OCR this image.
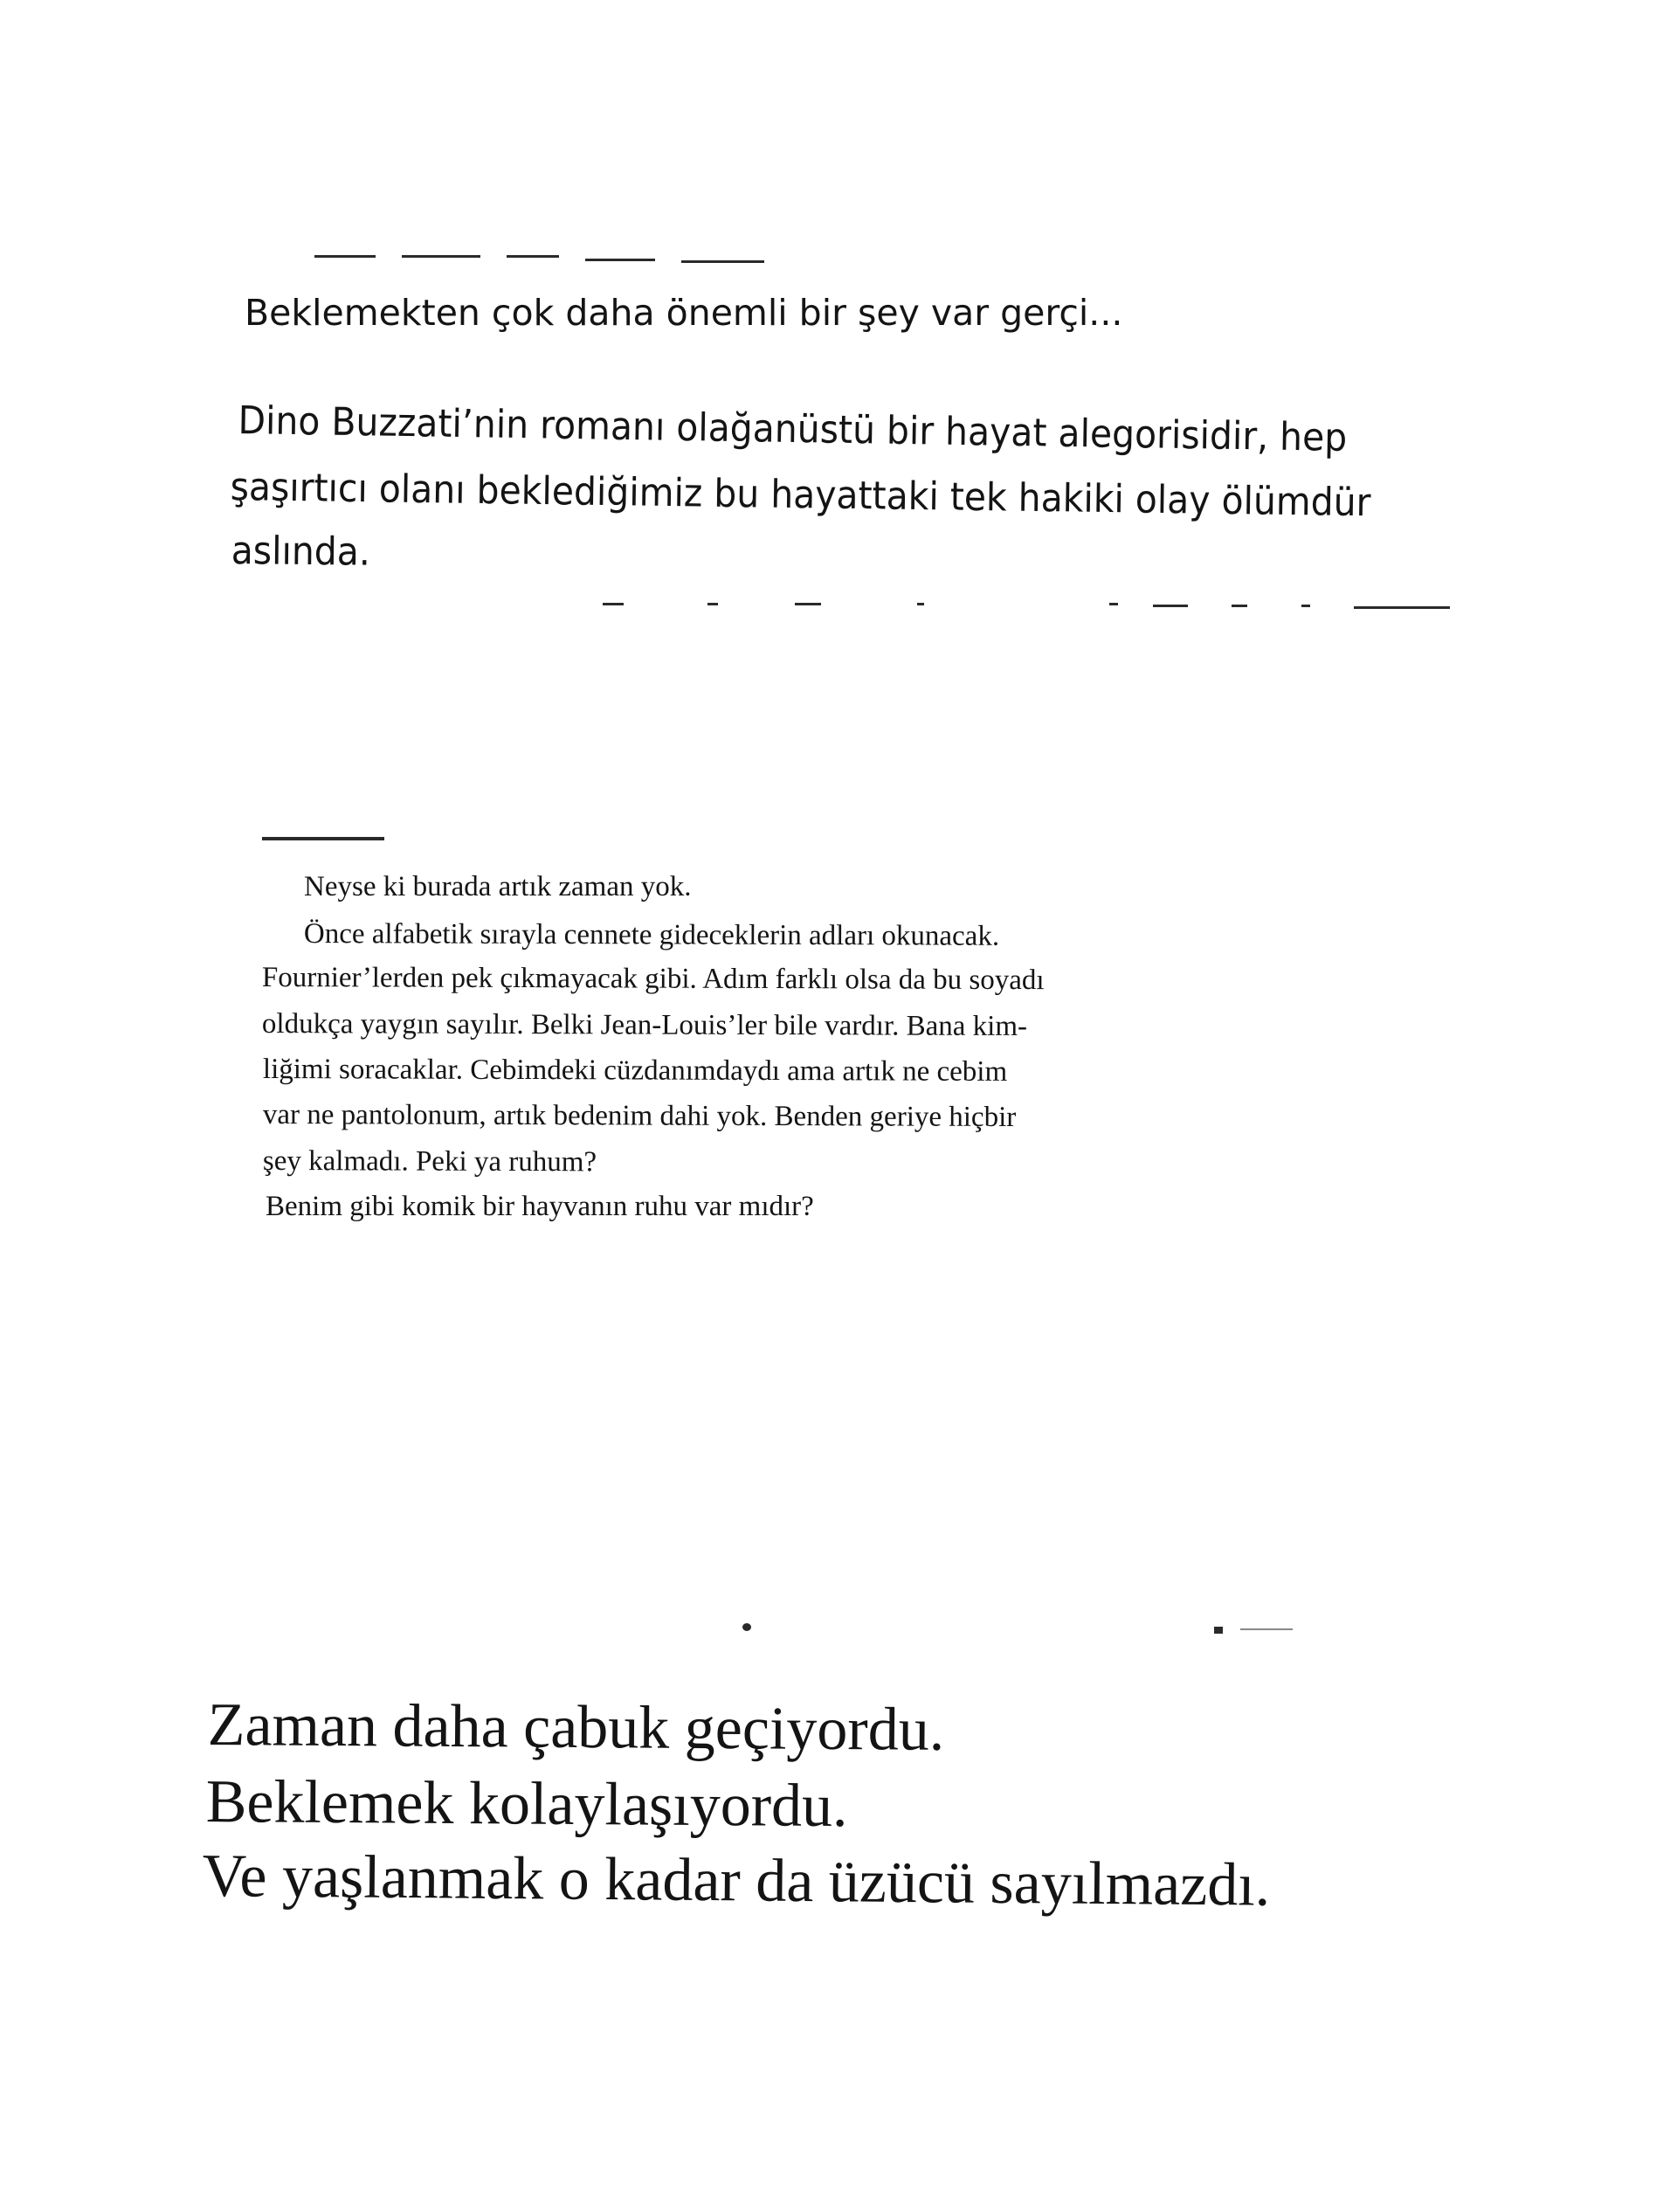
Beklemekten çok daha önemli bir şey var gerçi...
Dino Buzzati’nin romanı olağanüstü bir hayat alegorisidir, hep
şaşırtıcı olanı beklediğimiz bu hayattaki tek hakiki olay ölümdür
aslında.
Neyse ki burada artık zaman yok.
Önce alfabetik sırayla cennete gideceklerin adları okunacak.
Fournier’lerden pek çıkmayacak gibi. Adım farklı olsa da bu soyadı
oldukça yaygın sayılır. Belki Jean-Louis’ler bile vardır. Bana kim-
liğimi soracaklar. Cebimdeki cüzdanımdaydı ama artık ne cebim
var ne pantolonum, artık bedenim dahi yok. Benden geriye hiçbir
şey kalmadı. Peki ya ruhum?
Benim gibi komik bir hayvanın ruhu var mıdır?
Zaman daha çabuk geçiyordu.
Beklemek kolaylaşıyordu.
Ve yaşlanmak o kadar da üzücü sayılmazdı.
